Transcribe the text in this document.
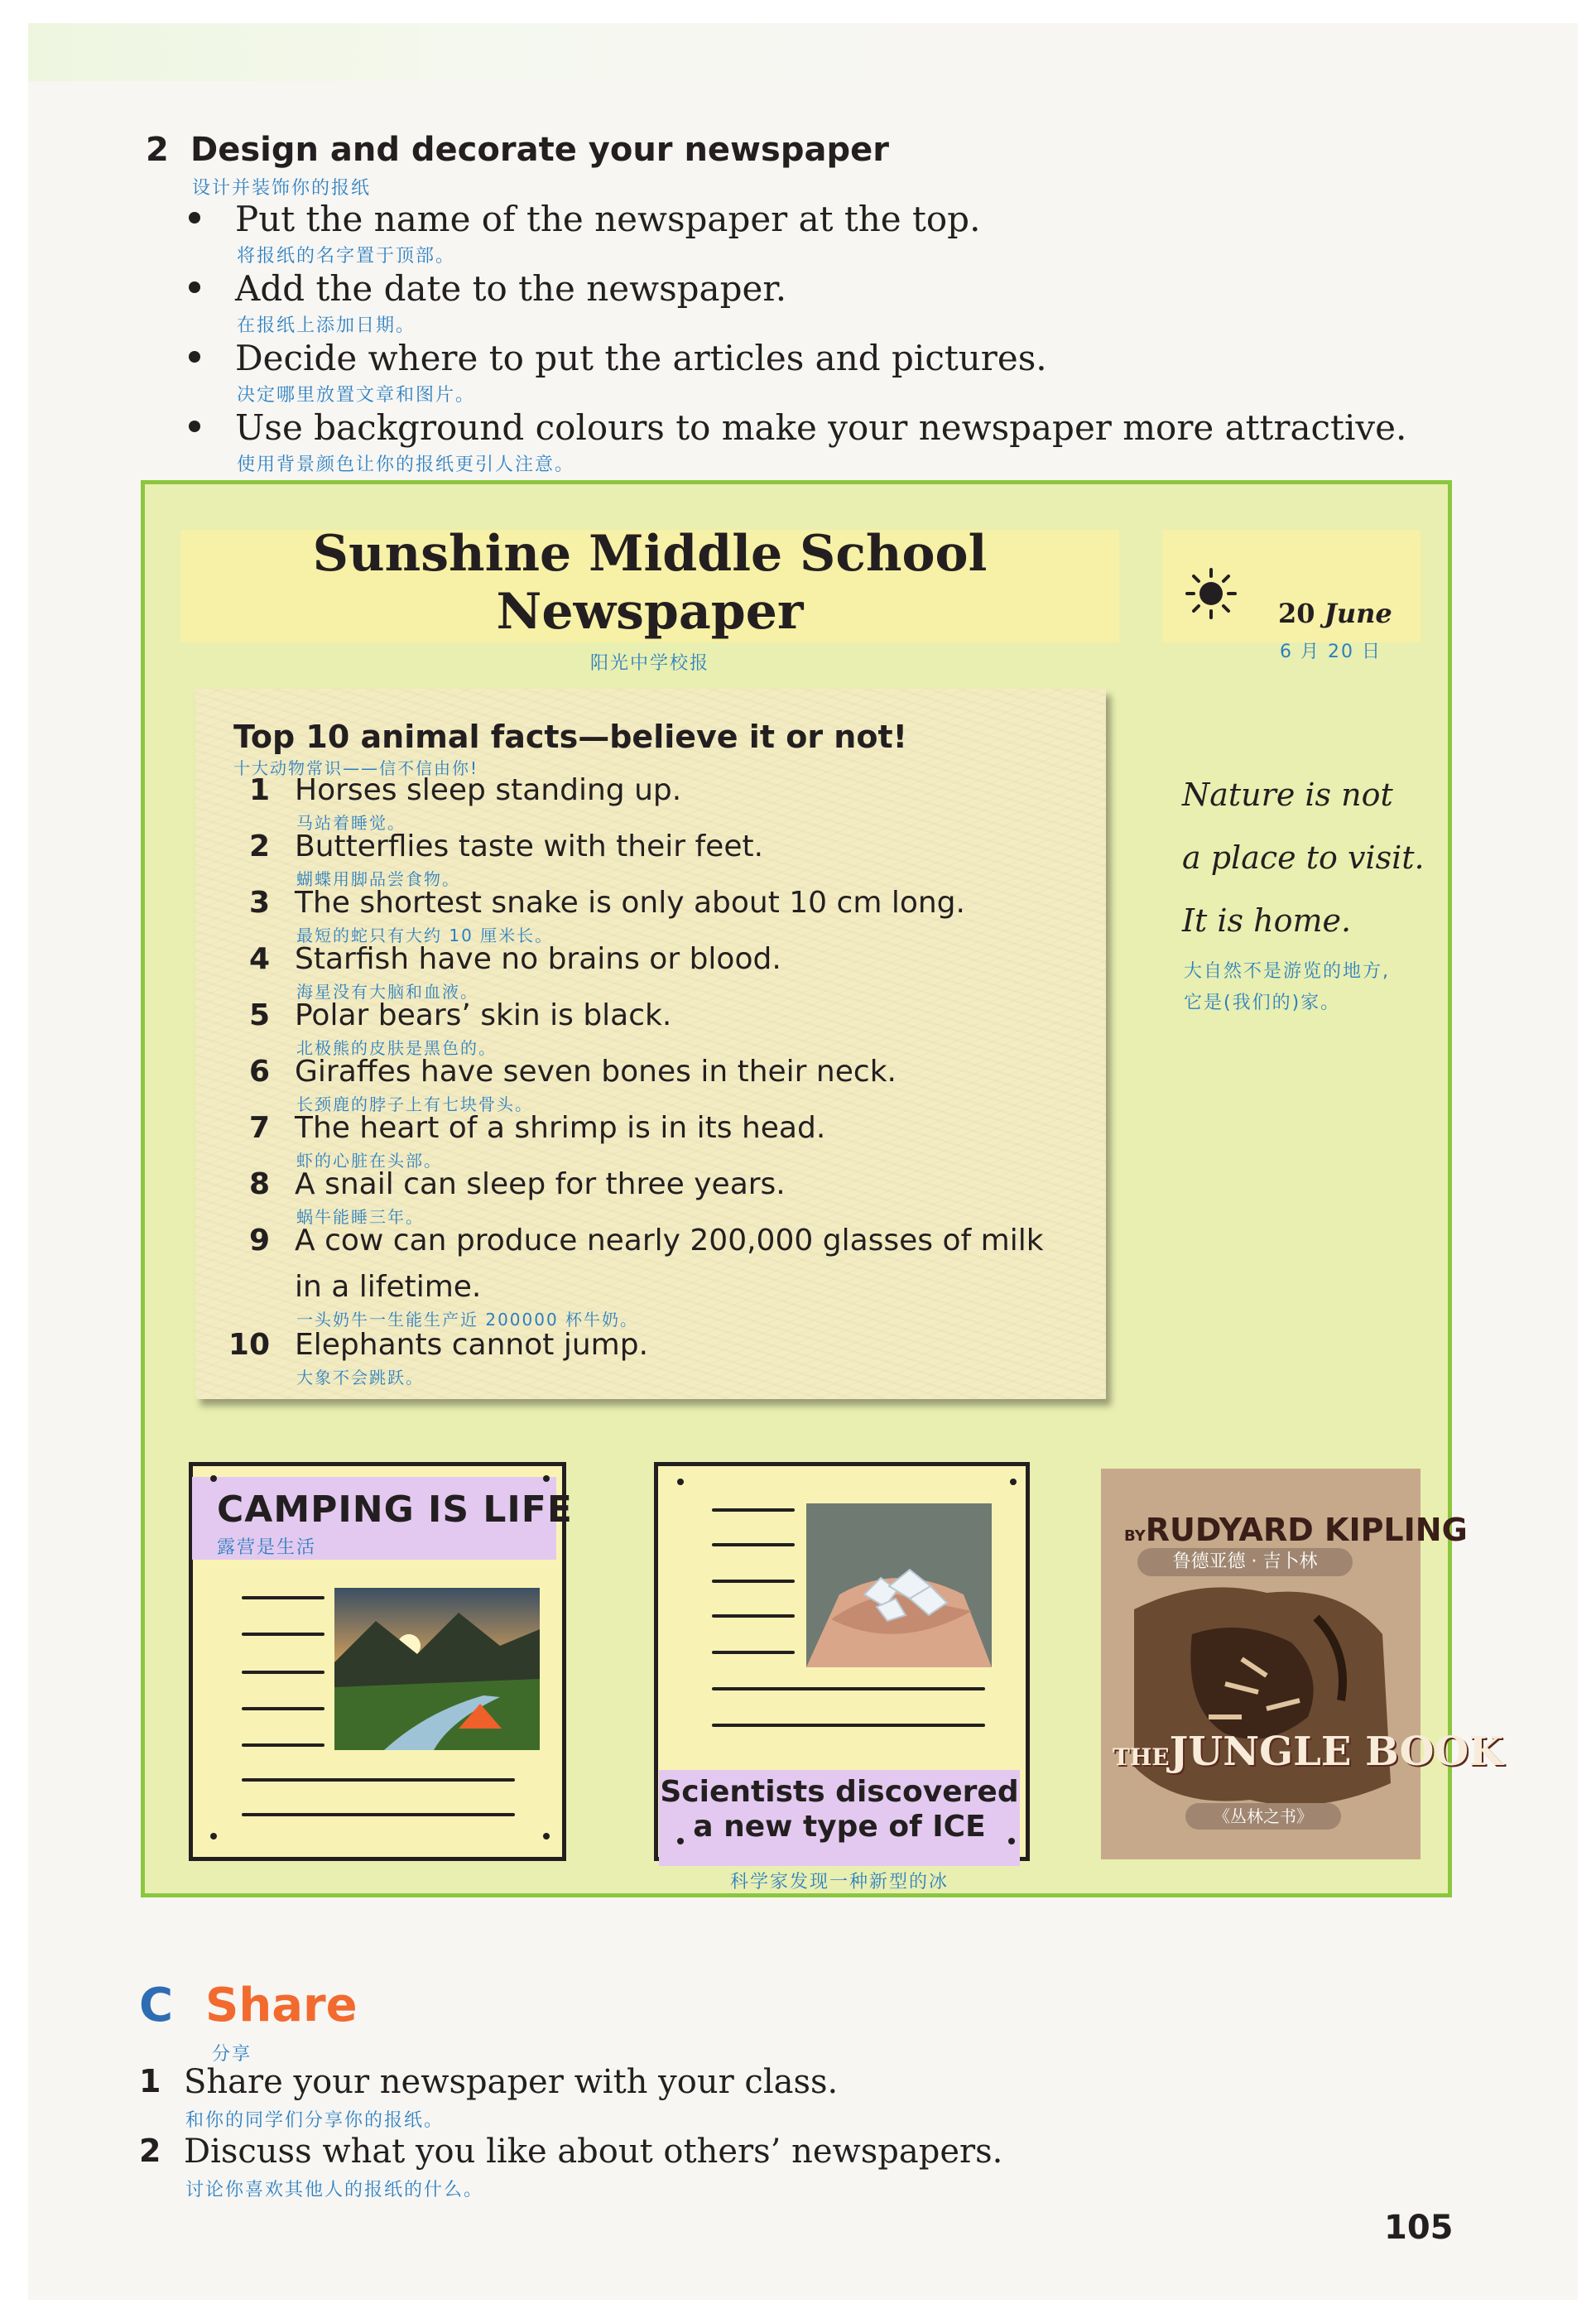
2 Design and decorate your newspaper
设计并装饰你的报纸
Put the name of the newspaper at the top.
将报纸的名字置于顶部。
Add the date to the newspaper.
在报纸上添加日期。
Decide where to put the articles and pictures.
决定哪里放置文章和图片。
Use background colours to make your newspaper more attractive.
使用背景颜色让你的报纸更引人注意。
Sunshine Middle School
Newspaper
阳光中学校报
20 June
6 月 20 日
Top 10 animal facts—believe it or not!
十大动物常识——信不信由你!
1 Horses sleep standing up.
马站着睡觉。
2 Butterflies taste with their feet.
蝴蝶用脚品尝食物。
3 The shortest snake is only about 10 cm long.
最短的蛇只有大约 10 厘米长。
4 Starfish have no brains or blood.
海星没有大脑和血液。
5 Polar bears’ skin is black.
北极熊的皮肤是黑色的。
6 Giraffes have seven bones in their neck.
长颈鹿的脖子上有七块骨头。
7 The heart of a shrimp is in its head.
虾的心脏在头部。
8 A snail can sleep for three years.
蜗牛能睡三年。
9 A cow can produce nearly 200,000 glasses of milk
in a lifetime.
一头奶牛一生能生产近 200000 杯牛奶。
10 Elephants cannot jump.
大象不会跳跃。
Nature is not
a place to visit.
It is home.
大自然不是游览的地方,
它是(我们的)家。
CAMPING IS LIFE
露营是生活
Scientists discovered
a new type of ICE
科学家发现一种新型的冰
BYRUDYARD KIPLING
鲁德亚德 · 吉卜林
THEJUNGLE BOOK
《丛林之书》
C Share
分享
1 Share your newspaper with your class.
和你的同学们分享你的报纸。
2 Discuss what you like about others’ newspapers.
讨论你喜欢其他人的报纸的什么。
105
